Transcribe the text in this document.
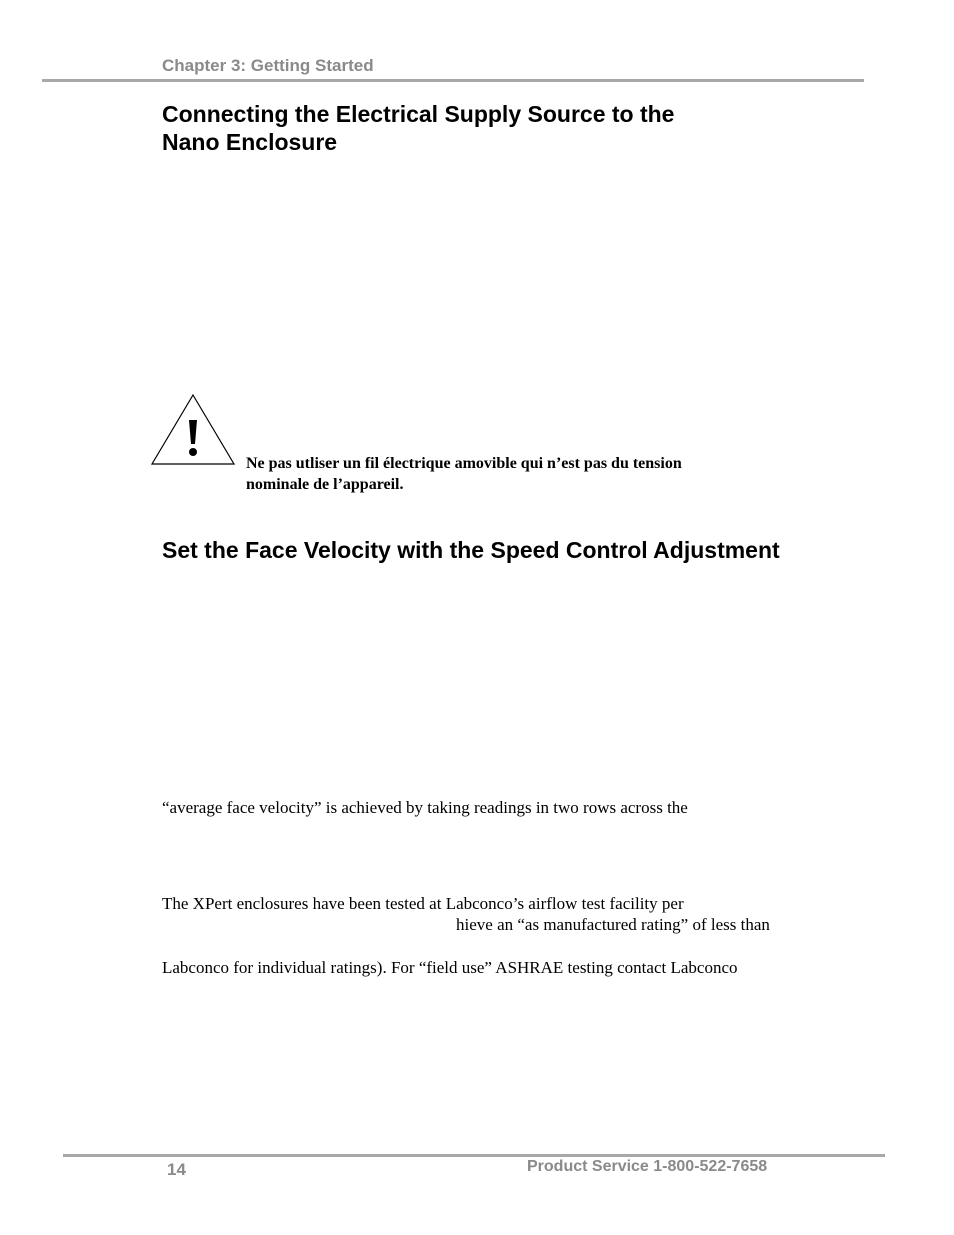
Chapter 3: Getting Started
Connecting the Electrical Supply Source to the
Nano Enclosure
Ne pas utliser un fil électrique amovible qui n’est pas du tension
nominale de l’appareil.
Set the Face Velocity with the Speed Control Adjustment
“average face velocity” is achieved by taking readings in two rows across the
The XPert enclosures have been tested at Labconco’s airflow test facility per
hieve an “as manufactured rating” of less than
Labconco for individual ratings). For “field use” ASHRAE testing contact Labconco
14	Product Service 1-800-522-7658
